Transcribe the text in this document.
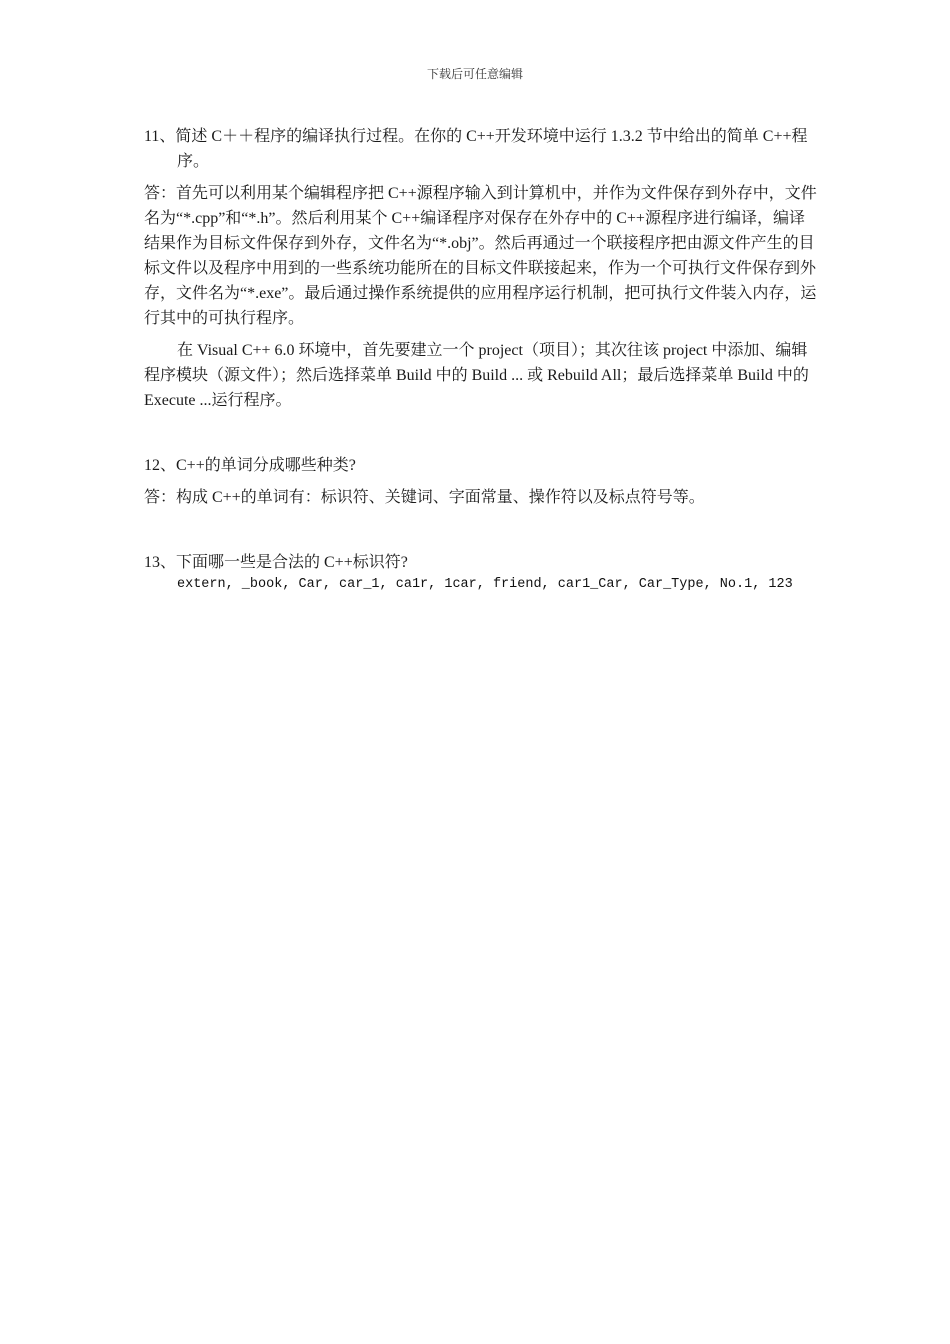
下载后可任意编辑

11、简述 C＋＋程序的编译执行过程。在你的 C++开发环境中运行 1.3.2 节中给出的简单 C++程序。

答：首先可以利用某个编辑程序把 C++源程序输入到计算机中，并作为文件保存到外存中，文件名为“*.cpp”和“*.h”。然后利用某个 C++编译程序对保存在外存中的 C++源程序进行编译，编译结果作为目标文件保存到外存，文件名为“*.obj”。然后再通过一个联接程序把由源文件产生的目标文件以及程序中用到的一些系统功能所在的目标文件联接起来，作为一个可执行文件保存到外存，文件名为“*.exe”。最后通过操作系统提供的应用程序运行机制，把可执行文件装入内存，运行其中的可执行程序。

在 Visual C++ 6.0 环境中，首先要建立一个 project（项目）；其次往该 project 中添加、编辑程序模块（源文件）；然后选择菜单 Build 中的 Build ... 或 Rebuild All；最后选择菜单 Build 中的 Execute ...运行程序。

12、C++的单词分成哪些种类?

答：构成 C++的单词有：标识符、关键词、字面常量、操作符以及标点符号等。

13、下面哪一些是合法的 C++标识符?

extern, _book, Car, car_1, ca1r, 1car, friend, car1_Car, Car_Type, No.1, 123
